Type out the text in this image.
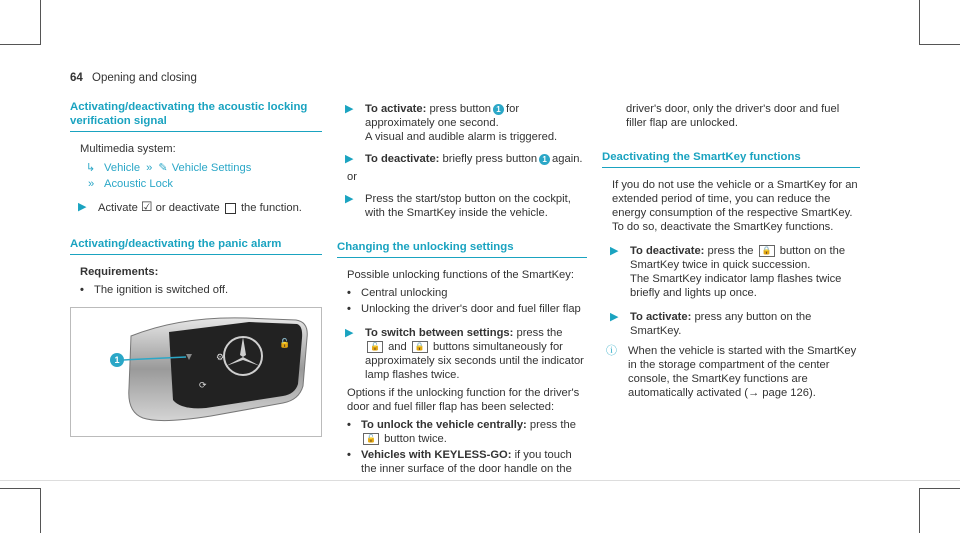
64 Opening and closing
Activating/deactivating the acoustic locking verification signal
Multimedia system:
↳ Vehicle » ✎ Vehicle Settings
» Acoustic Lock
▶	Activate ☑ or deactivate the function.
Activating/deactivating the panic alarm
Requirements:
• The ignition is switched off.
🔓
⚙
⟳
1
▶	To activate: press button 1 for approximately one second.
A visual and audible alarm is triggered.
▶	To deactivate: briefly press button 1 again.
or
▶	Press the start/stop button on the cockpit, with the SmartKey inside the vehicle.
Changing the unlocking settings
Possible unlocking functions of the SmartKey:
• Central unlocking
• Unlocking the driver's door and fuel filler flap
▶	To switch between settings: press the
🔓 and 🔒 buttons simultaneously for approximately six seconds until the indicator lamp flashes twice.
Options if the unlocking function for the driver's door and fuel filler flap has been selected:
• To unlock the vehicle centrally: press the
🔓 button twice.
• Vehicles with KEYLESS-GO: if you touch the inner surface of the door handle on the
driver's door, only the driver's door and fuel filler flap are unlocked.
Deactivating the SmartKey functions
If you do not use the vehicle or a SmartKey for an extended period of time, you can reduce the energy consumption of the respective SmartKey. To do so, deactivate the SmartKey functions.
▶	To deactivate: press the 🔒 button on the SmartKey twice in quick succession.
The SmartKey indicator lamp flashes twice briefly and lights up once.
▶	To activate: press any button on the SmartKey.
ⓘ When the vehicle is started with the SmartKey in the storage compartment of the center console, the SmartKey functions are automatically activated (→ page 126).
